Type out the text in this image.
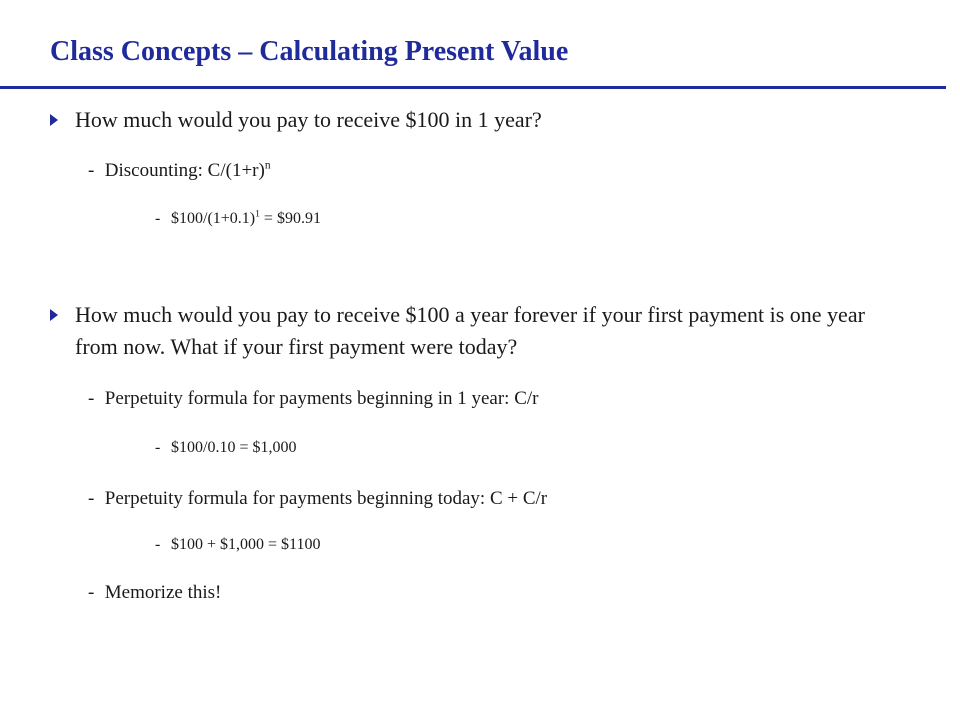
Class Concepts – Calculating Present Value
How much would you pay to receive $100 in 1 year?
- Discounting: $C/(1+r)^n$
- $\$100/(1+0.1)^1$ = $90.91
How much would you pay to receive $100 a year forever if your first payment is one year from now. What if your first payment were today?
- Perpetuity formula for payments beginning in 1 year: C/r
- $100/0.10 = $1,000
- Perpetuity formula for payments beginning today: C + C/r
- $100 + $1,000 = $1100
- Memorize this!
